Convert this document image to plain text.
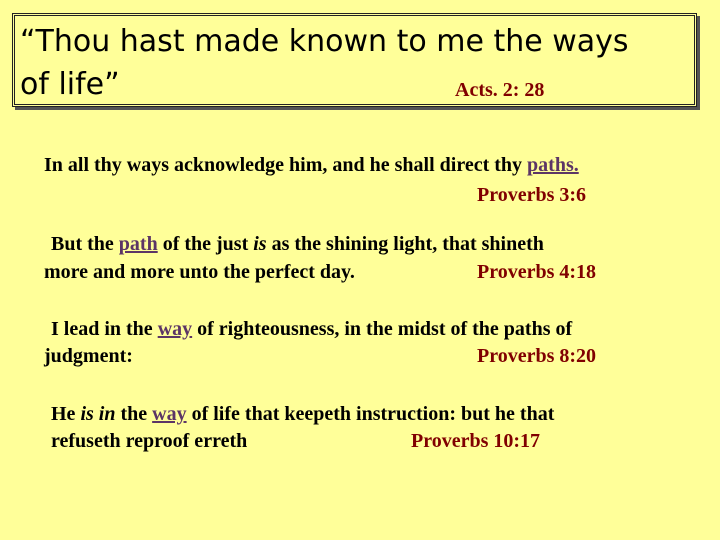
“Thou hast made known to me the ways
of life”	Acts. 2: 28
In all thy ways acknowledge him, and he shall direct thy paths.
Proverbs 3:6
But the path of the just is as the shining light, that shineth
more and more unto the perfect day.	Proverbs 4:18
I lead in the way of righteousness, in the midst of the paths of
judgment:	Proverbs 8:20
He is in the way of life that keepeth instruction: but he that
refuseth reproof erreth	Proverbs 10:17
